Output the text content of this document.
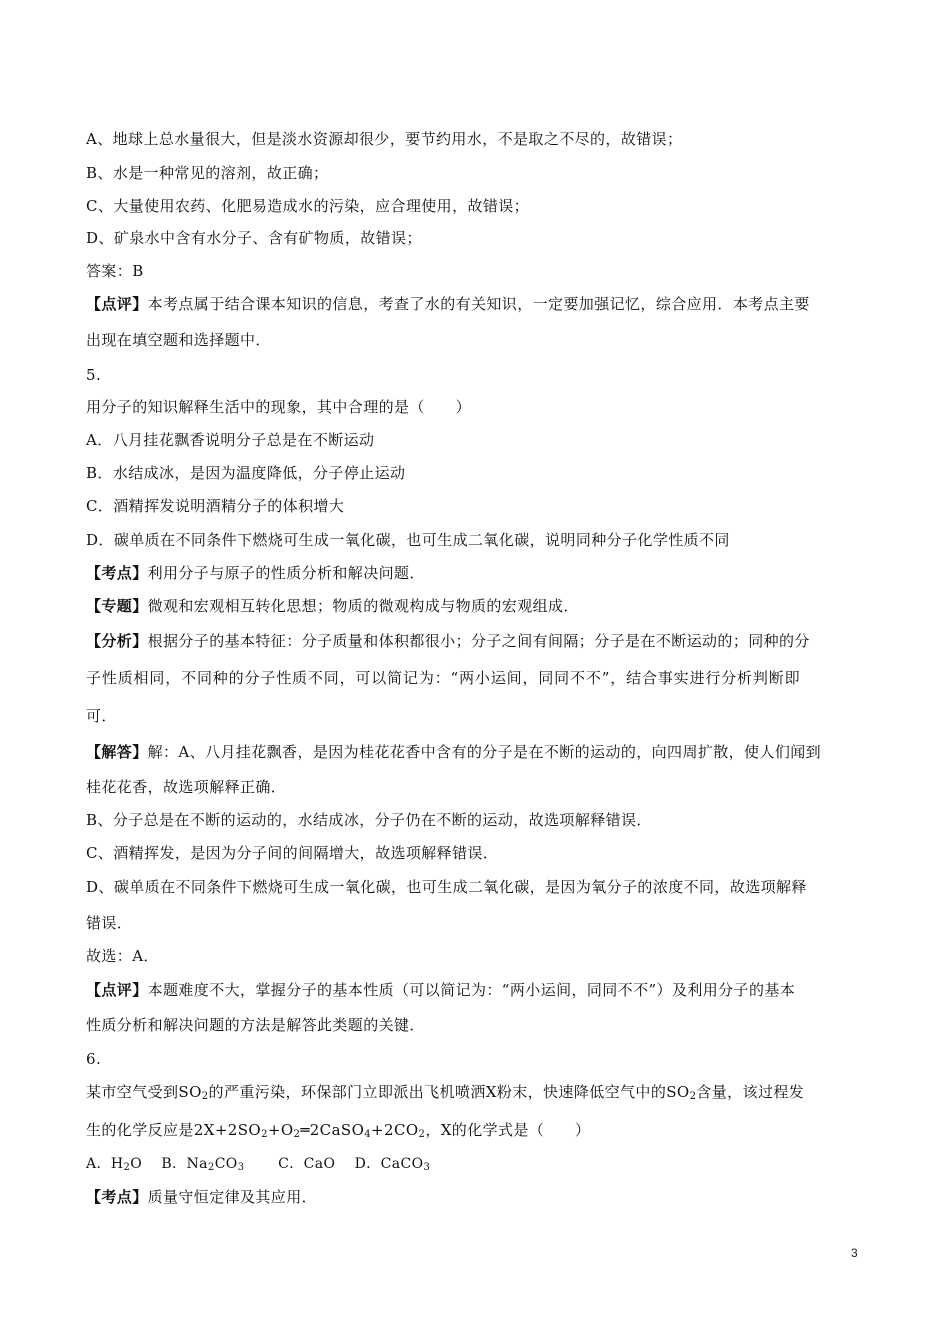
A、地球上总水量很大，但是淡水资源却很少，要节约用水，不是取之不尽的，故错误；
B、水是一种常见的溶剂，故正确；
C、大量使用农药、化肥易造成水的污染，应合理使用，故错误；
D、矿泉水中含有水分子、含有矿物质，故错误；
答案：B
【点评】本考点属于结合课本知识的信息，考查了水的有关知识，一定要加强记忆，综合应用．本考点主要
出现在填空题和选择题中．
5.
用分子的知识解释生活中的现象，其中合理的是（　　）
A．八月挂花飘香说明分子总是在不断运动
B．水结成冰，是因为温度降低，分子停止运动
C．酒精挥发说明酒精分子的体积增大
D．碳单质在不同条件下燃烧可生成一氧化碳，也可生成二氧化碳，说明同种分子化学性质不同
【考点】利用分子与原子的性质分析和解决问题．
【专题】微观和宏观相互转化思想；物质的微观构成与物质的宏观组成．
【分析】根据分子的基本特征：分子质量和体积都很小；分子之间有间隔；分子是在不断运动的；同种的分
子性质相同，不同种的分子性质不同，可以简记为：“两小运间，同同不不”，结合事实进行分析判断即
可．
【解答】解：A、八月挂花飘香，是因为桂花花香中含有的分子是在不断的运动的，向四周扩散，使人们闻到
桂花花香，故选项解释正确．
B、分子总是在不断的运动的，水结成冰，分子仍在不断的运动，故选项解释错误．
C、酒精挥发，是因为分子间的间隔增大，故选项解释错误．
D、碳单质在不同条件下燃烧可生成一氧化碳，也可生成二氧化碳，是因为氧分子的浓度不同，故选项解释
错误．
故选：A．
【点评】本题难度不大，掌握分子的基本性质（可以简记为：“两小运间，同同不不”）及利用分子的基本
性质分析和解决问题的方法是解答此类题的关键．
6.
某市空气受到$SO_2$的严重污染，环保部门立即派出飞机喷洒X粉末，快速降低空气中的$SO_2$含量，该过程发
生的化学反应是$2X+2SO_2+O_2═2CaSO_4+2CO_2$，X的化学式是（　　）
A．$H_2O$　 B．$Na_2CO_3$　　 C．CaO　 D．CaCO$_3$
【考点】质量守恒定律及其应用．
3
